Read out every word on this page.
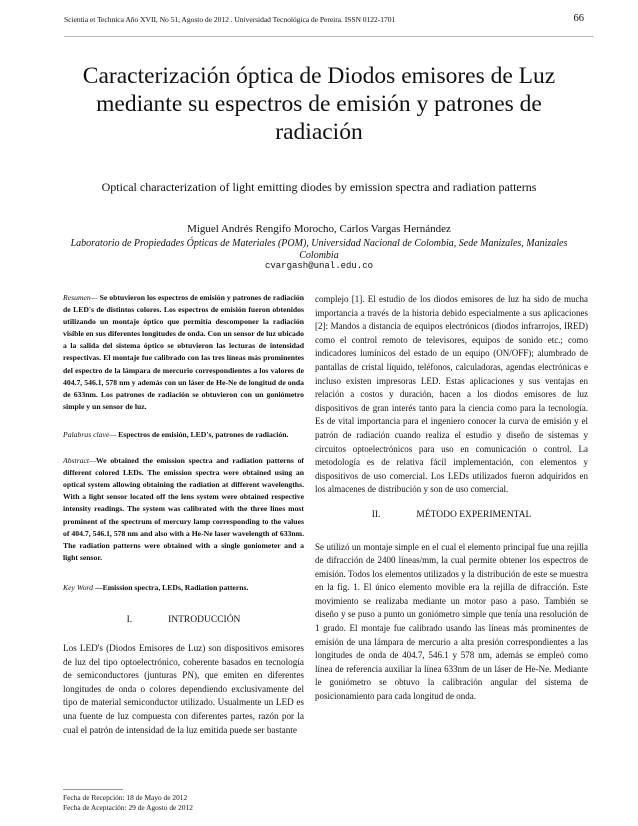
Scientia et Technica Año XVII, No 51, Agosto de 2012 . Universidad Tecnológica de Pereira. ISSN 0122-1701	66
Caracterización óptica de Diodos emisores de Luz mediante su espectros de emisión y patrones de radiación
Optical characterization of light emitting diodes by emission spectra and radiation patterns
Miguel Andrés Rengifo Morocho, Carlos Vargas Hernández
Laboratorio de Propiedades Ópticas de Materiales (POM), Universidad Nacional de Colombia, Sede Manizales, Manizales Colombia
cvargash@unal.edu.co

Resumen— Se obtuvieron los espectros de emisión y patrones de radiación de LED's de distintos colores. Los espectros de emisión fueron obtenidos utilizando un montaje óptico que permitía descomponer la radiación visible en sus diferentes longitudes de onda. Con un sensor de luz ubicado a la salida del sistema óptico se obtuvieron las lecturas de intensidad respectivas. El montaje fue calibrado con las tres líneas más prominentes del espectro de la lámpara de mercurio correspondientes a los valores de 404.7, 546.1, 578 nm y además con un láser de He-Ne de longitud de onda de 633nm. Los patrones de radiación se obtuvieron con un goniómetro simple y un sensor de luz.

Palabras clave— Espectros de emisión, LED's, patrones de radiación.

Abstract—We obtained the emission spectra and radiation patterns of different colored LEDs. The emission spectra were obtained using an optical system allowing obtaining the radiation at different wavelengths. With a light sensor located off the lens system were obtained respective intensity readings. The system was calibrated with the three lines most prominent of the spectrum of mercury lamp corresponding to the values of 404.7, 546.1, 578 nm and also with a He-Ne laser wavelength of 633nm. The radiation patterns were obtained with a single goniometer and a light sensor.

Key Word —Emission spectra, LEDs, Radiation patterns.

I.	INTRODUCCIÓN

Los LED's (Diodos Emisores de Luz) son dispositivos emisores de luz del tipo optoelectrónico, coherente basados en tecnología de semiconductores (junturas PN), que emiten en diferentes longitudes de onda o colores dependiendo exclusivamente del tipo de material semiconductor utilizado. Usualmente un LED es una fuente de luz compuesta con diferentes partes, razón por la cual el patrón de intensidad de la luz emitida puede ser bastante

complejo [1]. El estudio de los diodos emisores de luz ha sido de mucha importancia a través de la historia debido especialmente a sus aplicaciones [2]: Mandos a distancia de equipos electrónicos (diodos infrarrojos, IRED) como el control remoto de televisores, equipos de sonido etc.; como indicadores lumínicos del estado de un equipo (ON/OFF); alumbrado de pantallas de cristal líquido, teléfonos, calculadoras, agendas electrónicas e incluso existen impresoras LED. Estas aplicaciones y sus ventajas en relación a costos y duración, hacen a los diodos emisores de luz dispositivos de gran interés tanto para la ciencia como para la tecnología. Es de vital importancia para el ingeniero conocer la curva de emisión y el patrón de radiación cuando realiza el estudio y diseño de sistemas y circuitos optoelectrónicos para uso en comunicación o control. La metodología es de relativa fácil implementación, con elementos y dispositivos de uso comercial. Los LEDs utilizados fueron adquiridos en los almacenes de distribución y son de uso comercial.

II.	MÉTODO EXPERIMENTAL

Se utilizó un montaje simple en el cual el elemento principal fue una rejilla de difracción de 2400 líneas/mm, la cual permite obtener los espectros de emisión. Todos los elementos utilizados y la distribución de este se muestra en la fig. 1. El único elemento movible era la rejilla de difracción. Este movimiento se realizaba mediante un motor paso a paso. También se diseño y se puso a punto un goniómetro simple que tenía una resolución de 1 grado. El montaje fue calibrado usando las líneas más prominentes de emisión de una lámpara de mercurio a alta presión correspondientes a las longitudes de onda de 404.7, 546.1 y 578 nm, además se empleó como línea de referencia auxiliar la línea 633nm de un láser de He-Ne. Mediante le goniómetro se obtuvo la calibración angular del sistema de posicionamiento para cada longitud de onda.

Fecha de Recepción: 18 de Mayo de 2012
Fecha de Aceptación: 29 de Agosto de 2012
